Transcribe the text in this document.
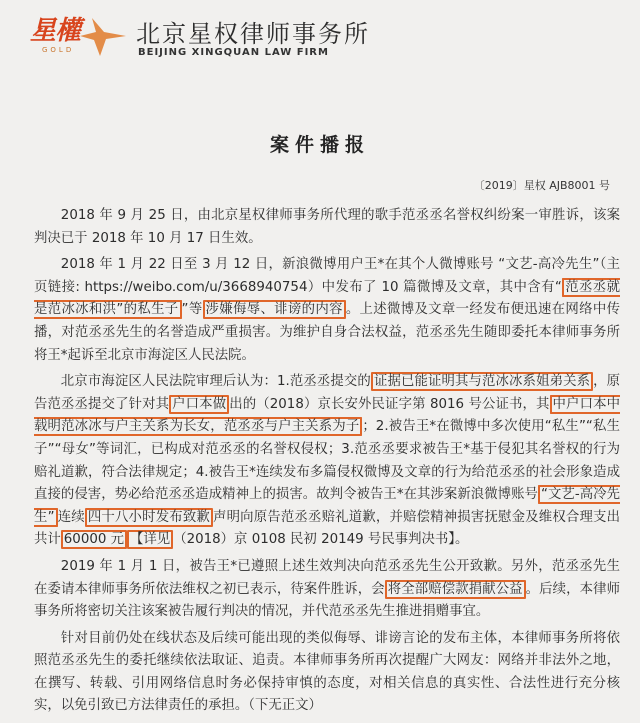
星權
GOLD
北京星权律师事务所
BEIJING XINGQUAN LAW FIRM
案件播报
〔2019〕星权 AJB8001 号

2018 年 9 月 25 日，由北京星权律师事务所代理的歌手范丞丞名誉权纠纷案一审胜诉，该案判决已于 2018 年 10 月 17 日生效。

2018 年 1 月 22 日至 3 月 12 日，新浪微博用户王*在其个人微博账号 “文艺-高冷先生”（主页链接: https://weibo.com/u/3668940754）中发布了 10 篇微博及文章，其中含有“ 范丞丞就是范冰冰和洪”的私生子 ”等 涉嫌侮辱、诽谤的内容 。上述微博及文章一经发布便迅速在网络中传播，对范丞丞先生的名誉造成严重损害。为维护自身合法权益，范丞丞先生随即委托本律师事务所将王*起诉至北京市海淀区人民法院。

北京市海淀区人民法院审理后认为：1.范丞丞提交的 证据已能证明其与范冰冰系姐弟关系 ，原告范丞丞提交了针对其 户口本做 出的（2018）京长安外民证字第 8016 号公证书，其 中户口本中载明范冰冰与户主关系为长女，范丞丞与户主关系为子 ；2.被告王*在微博中多次使用“私生”“私生子”“母女”等词汇，已构成对范丞丞的名誉权侵权；3.范丞丞要求被告王*基于侵犯其名誉权的行为赔礼道歉，符合法律规定；4.被告王*连续发布多篇侵权微博及文章的行为给范丞丞的社会形象造成直接的侵害，势必给范丞丞造成精神上的损害。故判令被告王*在其涉案新浪微博账号 “文艺-高冷先生” 连续 四十八小时发布致歉 声明向原告范丞丞赔礼道歉，并赔偿精神损害抚慰金及维权合理支出共计 60000 元 【详见 （2018）京 0108 民初 20149 号民事判决书】。

2019 年 1 月 1 日，被告王*已遵照上述生效判决向范丞丞先生公开致歉。另外，范丞丞先生在委请本律师事务所依法维权之初已表示，待案件胜诉，会 将全部赔偿款捐献公益 。后续，本律师事务所将密切关注该案被告履行判决的情况，并代范丞丞先生推进捐赠事宜。

针对目前仍处在线状态及后续可能出现的类似侮辱、诽谤言论的发布主体，本律师事务所将依照范丞丞先生的委托继续依法取证、追责。本律师事务所再次提醒广大网友：网络并非法外之地，在撰写、转载、引用网络信息时务必保持审慎的态度，对相关信息的真实性、合法性进行充分核实，以免引致已方法律责任的承担。（下无正文）
